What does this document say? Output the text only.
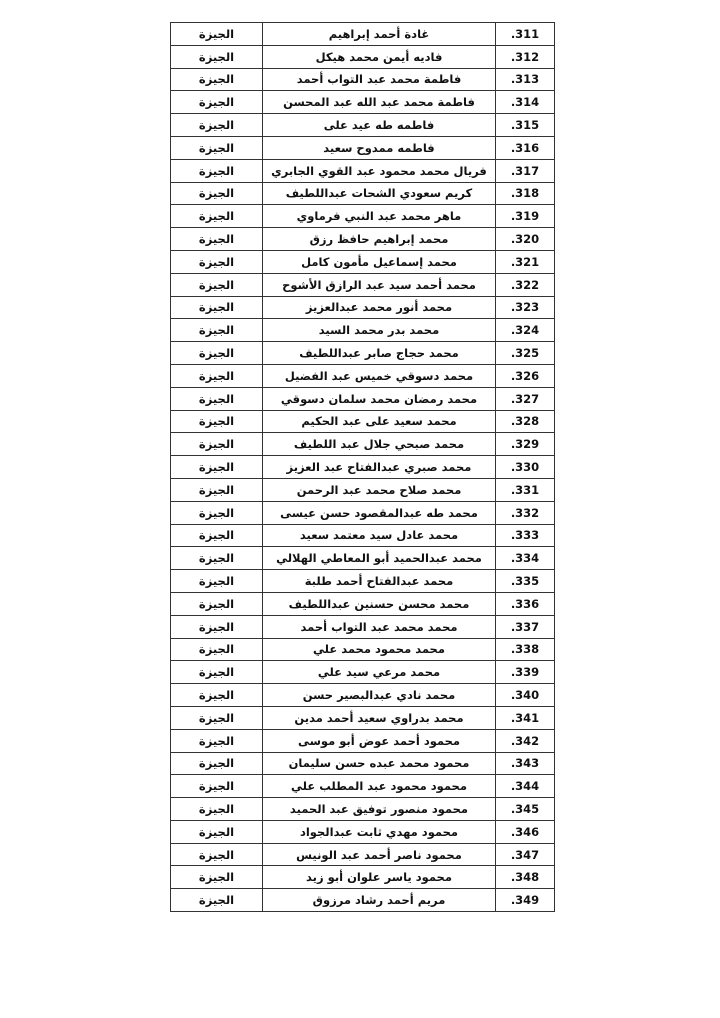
الجيزة	غادة أحمد إبراهيم	.311
الجيزة	فاديه أيمن محمد هيكل	.312
الجيزة	فاطمة محمد عبد التواب أحمد	.313
الجيزة	فاطمة محمد عبد الله عبد المحسن	.314
الجيزة	فاطمه طه عيد على	.315
الجيزة	فاطمه ممدوح سعيد	.316
الجيزة	فريال محمد محمود عبد القوي الجابري	.317
الجيزة	كريم سعودي الشحات عبداللطيف	.318
الجيزة	ماهر محمد عبد النبي فرماوي	.319
الجيزة	محمد إبراهيم حافظ رزق	.320
الجيزة	محمد إسماعيل مأمون كامل	.321
الجيزة	محمد أحمد سيد عبد الرازق الأشوح	.322
الجيزة	محمد أنور محمد عبدالعزيز	.323
الجيزة	محمد بدر محمد السيد	.324
الجيزة	محمد حجاج صابر عبداللطيف	.325
الجيزة	محمد دسوقي خميس عبد الفضيل	.326
الجيزة	محمد رمضان محمد سلمان دسوقي	.327
الجيزة	محمد سعيد على عبد الحكيم	.328
الجيزة	محمد صبحي جلال عبد اللطيف	.329
الجيزة	محمد صبري عبدالفتاح عبد العزيز	.330
الجيزة	محمد صلاح محمد عبد الرحمن	.331
الجيزة	محمد طه عبدالمقصود حسن عيسى	.332
الجيزة	محمد عادل سيد معتمد سعيد	.333
الجيزة	محمد عبدالحميد أبو المعاطي الهلالي	.334
الجيزة	محمد عبدالفتاح أحمد طلبة	.335
الجيزة	محمد محسن حسنين عبداللطيف	.336
الجيزة	محمد محمد عبد التواب أحمد	.337
الجيزة	محمد محمود محمد علي	.338
الجيزة	محمد مرعي سيد علي	.339
الجيزة	محمد نادي عبدالبصير حسن	.340
الجيزة	محمد بدراوي سعيد أحمد مدين	.341
الجيزة	محمود أحمد عوض أبو موسى	.342
الجيزة	محمود محمد عبده حسن سليمان	.343
الجيزة	محمود محمود عبد المطلب علي	.344
الجيزة	محمود منصور توفيق عبد الحميد	.345
الجيزة	محمود مهدي ثابت عبدالجواد	.346
الجيزة	محمود ناصر أحمد عبد الونيس	.347
الجيزة	محمود ياسر علوان أبو زيد	.348
الجيزة	مريم أحمد رشاد مرزوق	.349
